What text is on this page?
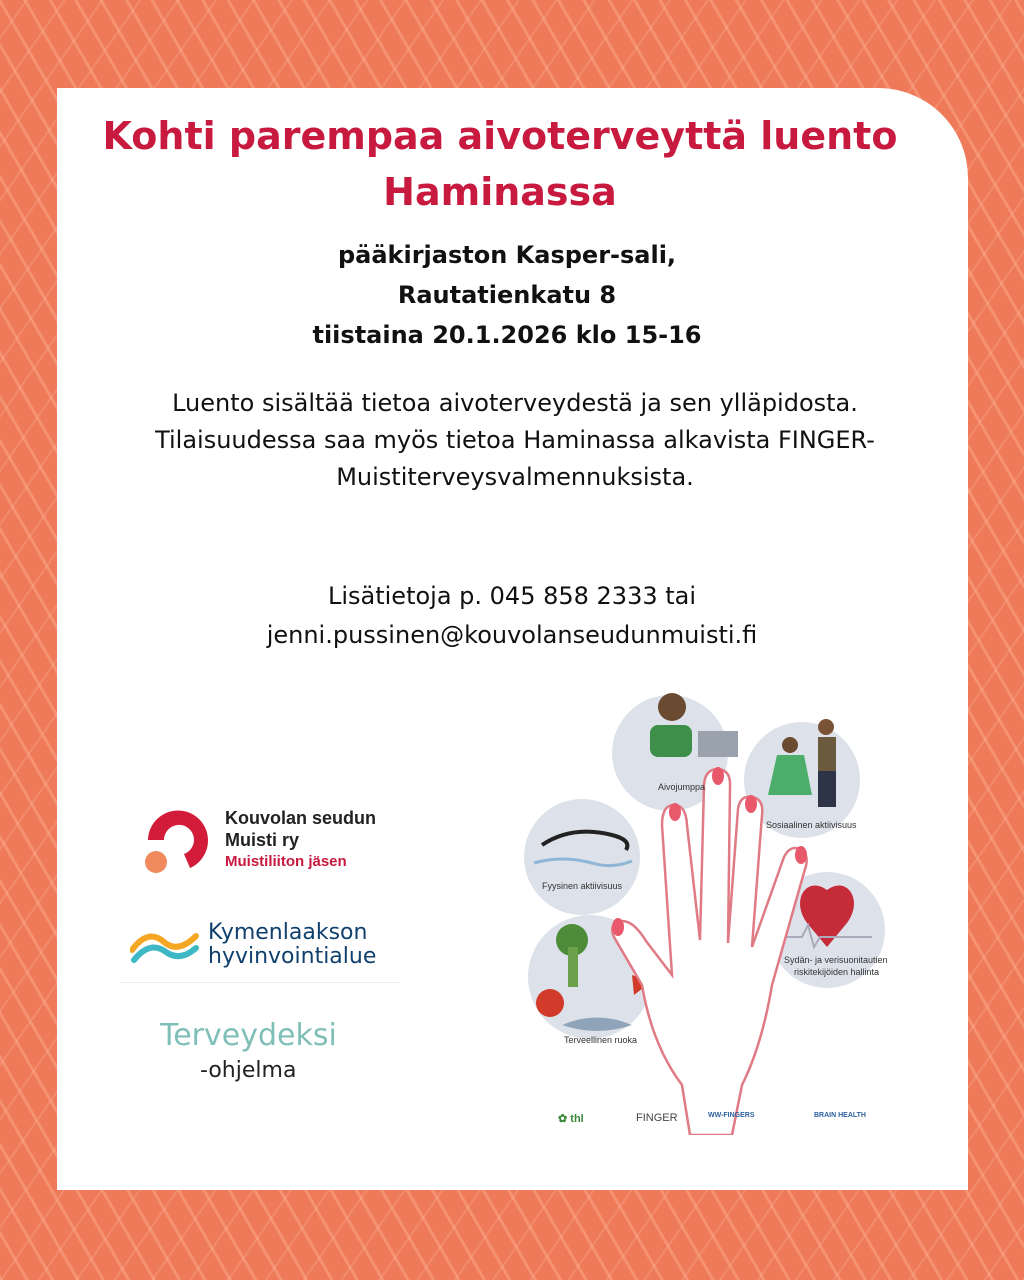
Kohti parempaa aivoterveyttä luento
Haminassa
pääkirjaston Kasper-sali,
Rautatienkatu 8
tiistaina 20.1.2026 klo 15-16
Luento sisältää tietoa aivoterveydestä ja sen ylläpidosta.
Tilaisuudessa saa myös tietoa Haminassa alkavista FINGER-
Muistiterveysvalmennuksista.
Lisätietoja p. 045 858 2333 tai
jenni.pussinen@kouvolanseudunmuisti.fi
Kouvolan seudun
Muisti ry
Muistiliiton jäsen
Kymenlaakson
hyvinvointialue
Terveydeksi
-ohjelma
Aivojumppa
Sosiaalinen aktiivisuus
Fyysinen aktiivisuus
Sydän- ja verisuonitautien
riskitekijöiden hallinta
Terveellinen ruoka
✿ thl	FINGER	WW-FINGERS	BRAIN HEALTH
